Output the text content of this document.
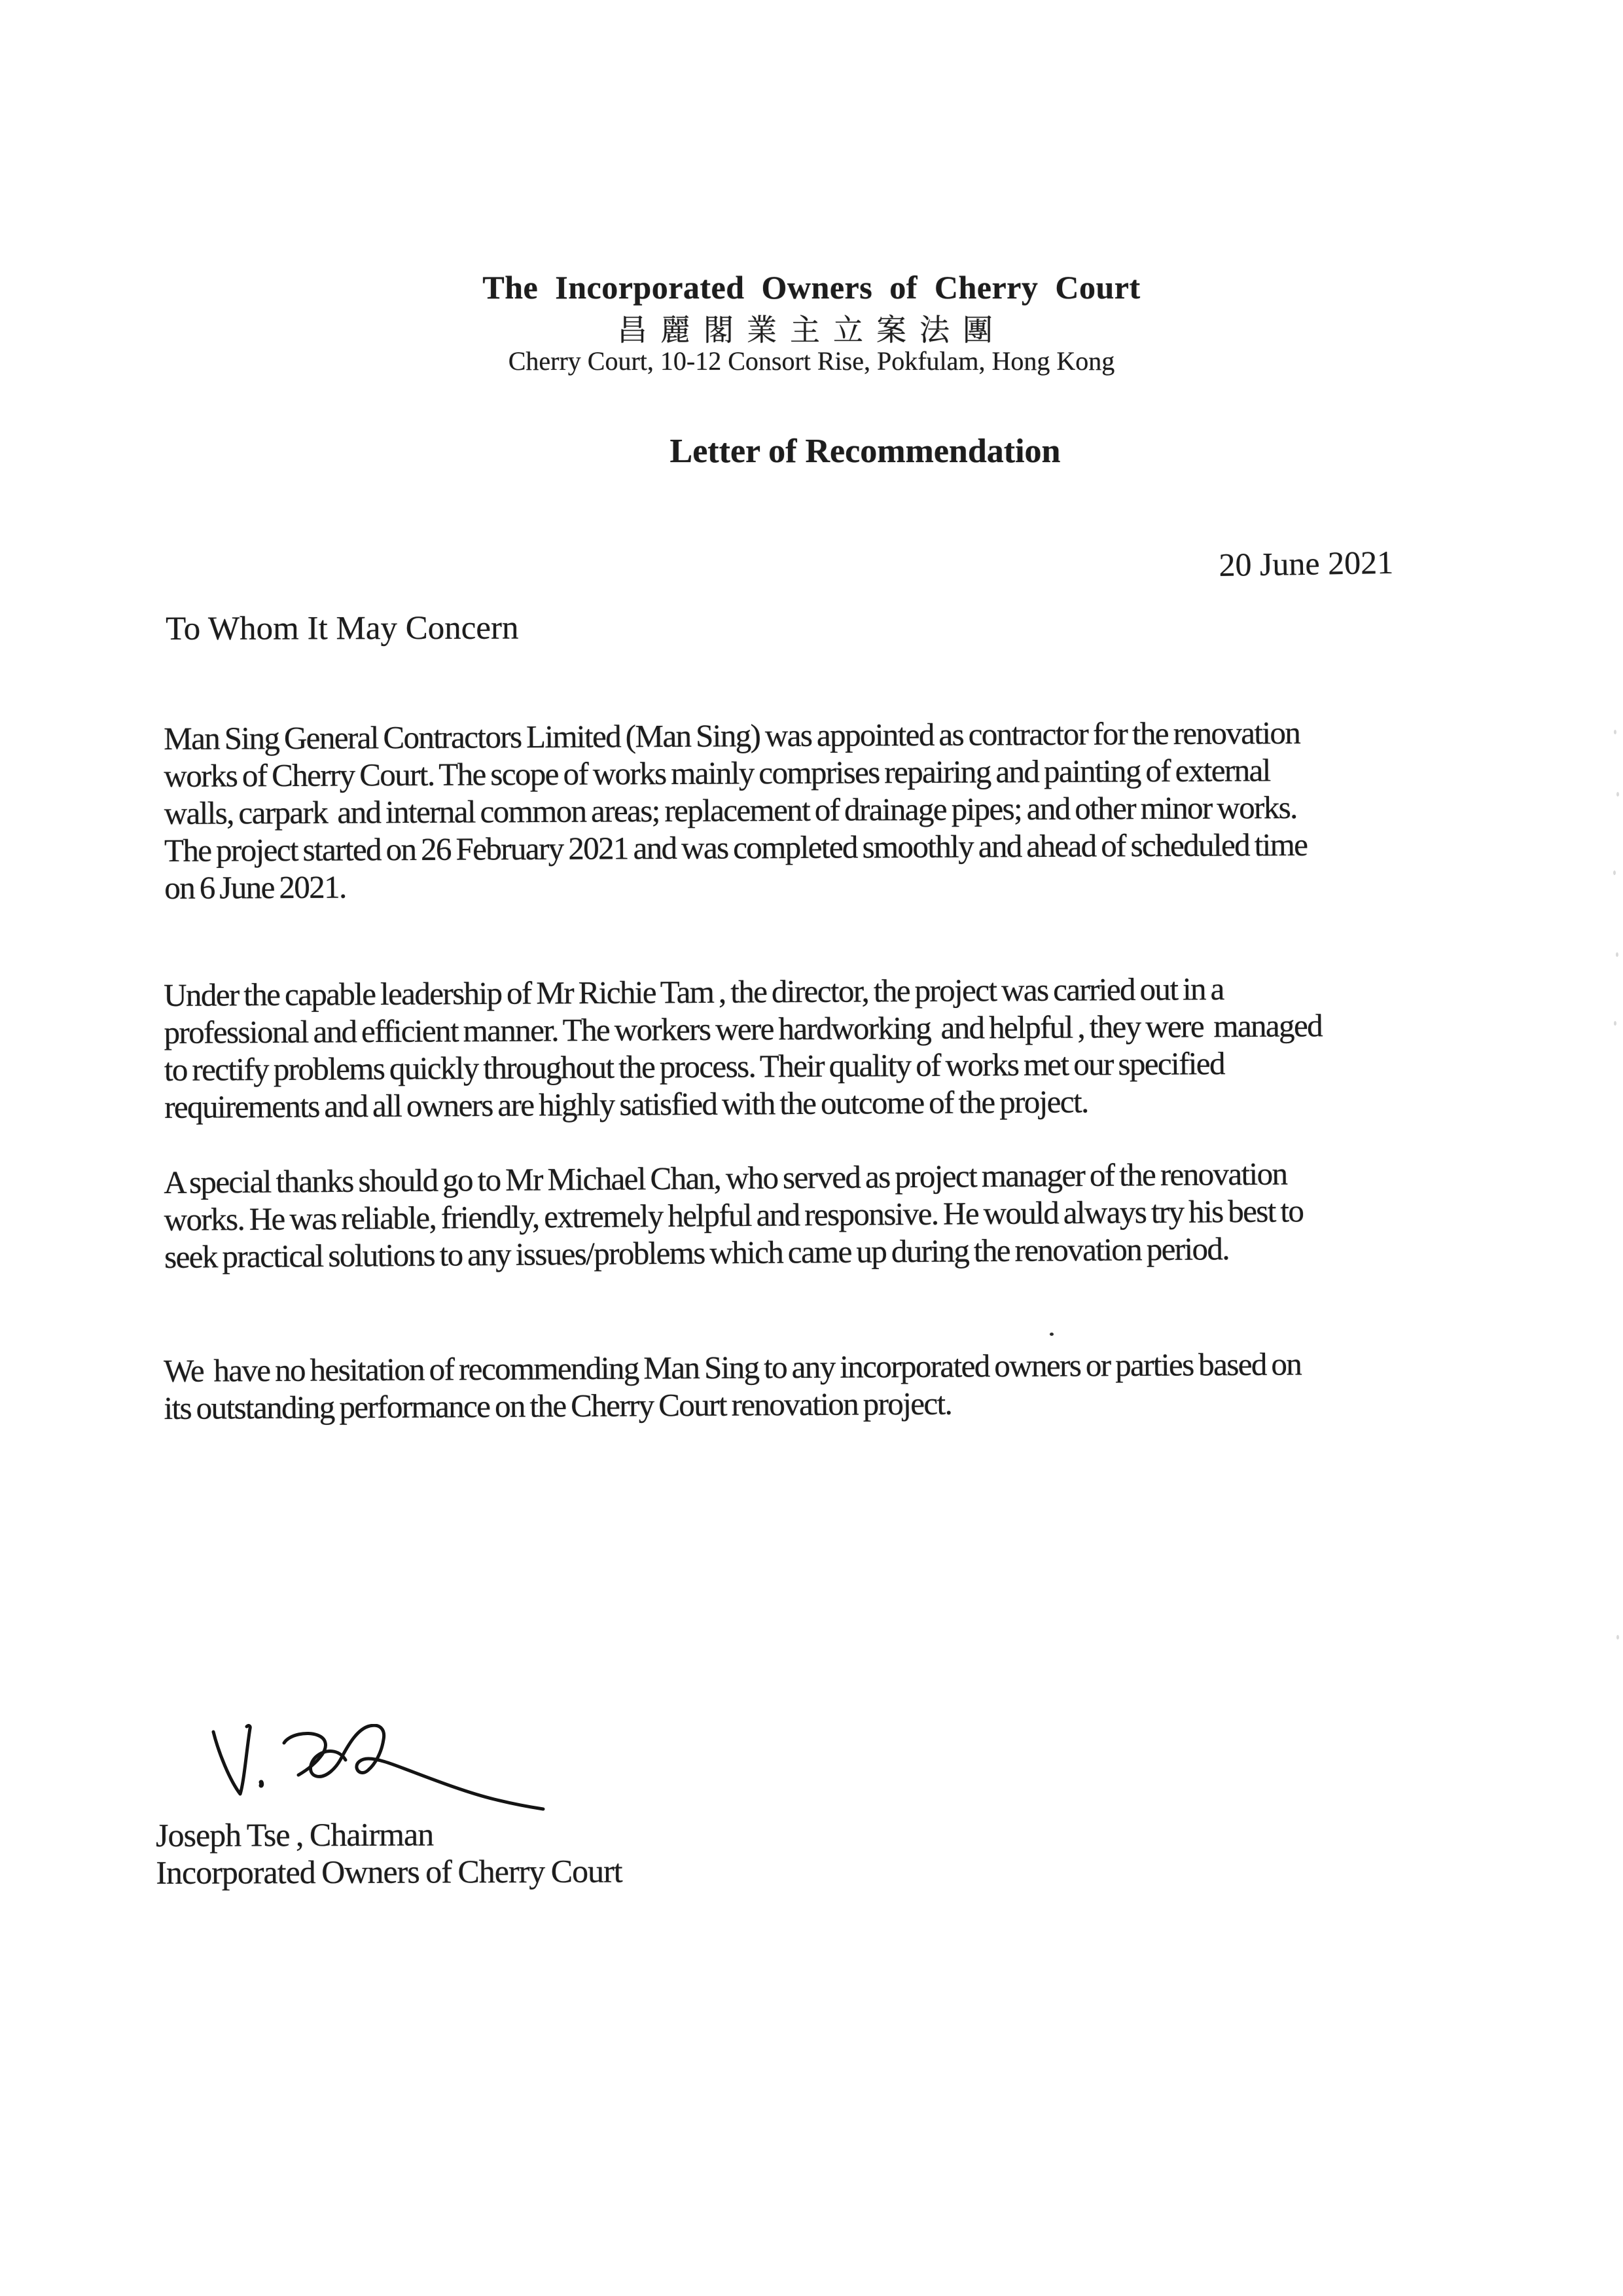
The Incorporated Owners of Cherry Court
昌麗閣業主立案法團
Cherry Court, 10-12 Consort Rise, Pokfulam, Hong Kong
Letter of Recommendation
20 June 2021
To Whom It May Concern
Man Sing General Contractors Limited (Man Sing) was appointed as contractor for the renovation
works of Cherry Court. The scope of works mainly comprises repairing and painting of external
walls, carpark  and internal common areas; replacement of drainage pipes; and other minor works.
The project started on 26 February 2021 and was completed smoothly and ahead of scheduled time
on 6 June 2021.
Under the capable leadership of Mr Richie Tam , the director, the project was carried out in a
professional and efficient manner. The workers were hardworking  and helpful , they were  managed
to rectify problems quickly throughout the process. Their quality of works met our specified
requirements and all owners are highly satisfied with the outcome of the project.
A special thanks should go to Mr Michael Chan, who served as project manager of the renovation
works. He was reliable, friendly, extremely helpful and responsive. He would always try his best to
seek practical solutions to any issues/problems which came up during the renovation period.
We  have no hesitation of recommending Man Sing to any incorporated owners or parties based on
its outstanding performance on the Cherry Court renovation project.
Joseph Tse , Chairman
Incorporated Owners of Cherry Court
